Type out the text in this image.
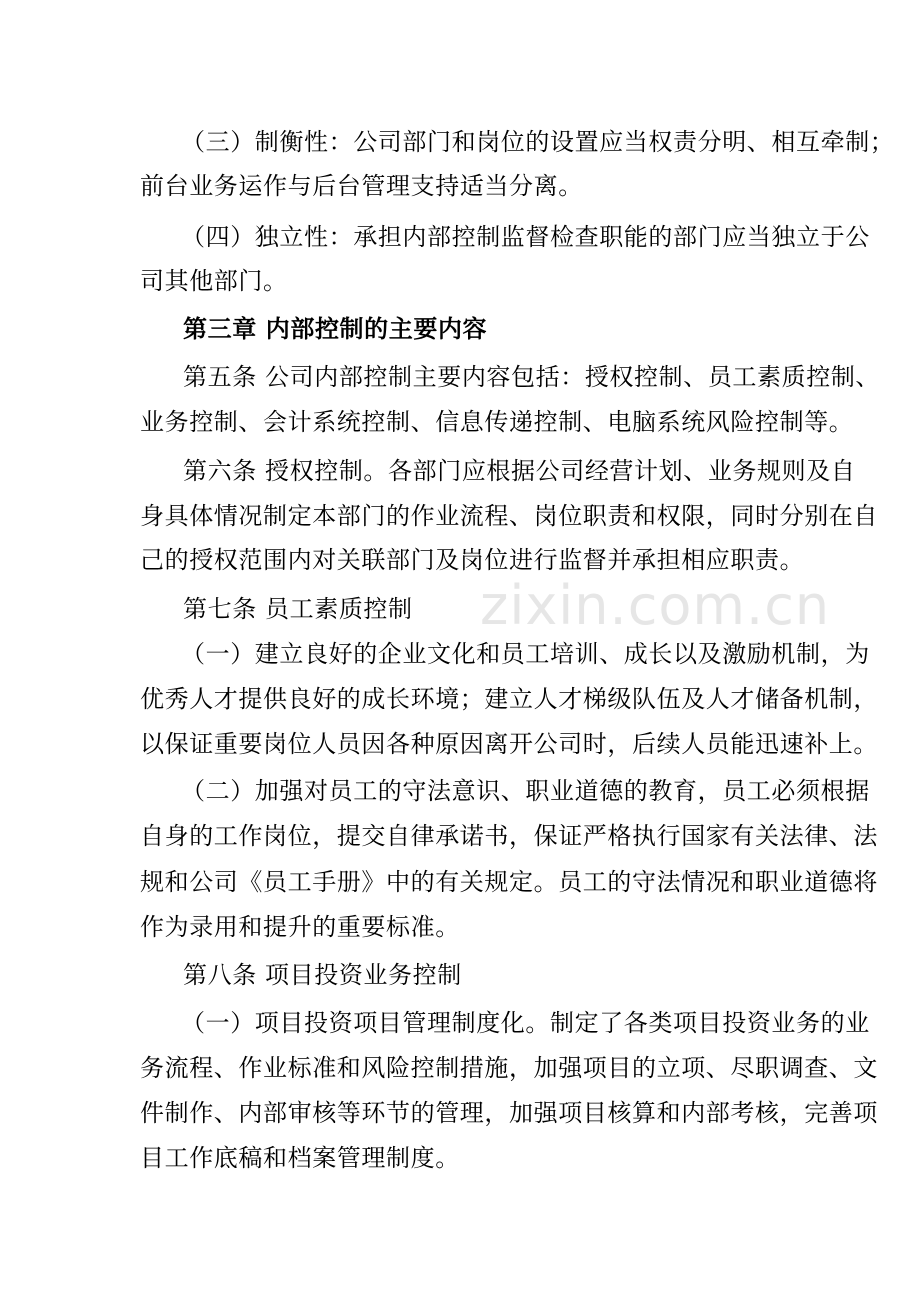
zixin.com.cn
（三）制衡性：公司部门和岗位的设置应当权责分明、相互牵制；
前台业务运作与后台管理支持适当分离。
（四）独立性：承担内部控制监督检查职能的部门应当独立于公
司其他部门。
第三章 内部控制的主要内容
第五条 公司内部控制主要内容包括：授权控制、员工素质控制、
业务控制、会计系统控制、信息传递控制、电脑系统风险控制等。
第六条 授权控制。各部门应根据公司经营计划、业务规则及自
身具体情况制定本部门的作业流程、岗位职责和权限，同时分别在自
己的授权范围内对关联部门及岗位进行监督并承担相应职责。
第七条 员工素质控制
（一）建立良好的企业文化和员工培训、成长以及激励机制，为
优秀人才提供良好的成长环境；建立人才梯级队伍及人才储备机制，
以保证重要岗位人员因各种原因离开公司时，后续人员能迅速补上。
（二）加强对员工的守法意识、职业道德的教育，员工必须根据
自身的工作岗位，提交自律承诺书，保证严格执行国家有关法律、法
规和公司《员工手册》中的有关规定。员工的守法情况和职业道德将
作为录用和提升的重要标准。
第八条 项目投资业务控制
（一）项目投资项目管理制度化。制定了各类项目投资业务的业
务流程、作业标准和风险控制措施，加强项目的立项、尽职调查、文
件制作、内部审核等环节的管理，加强项目核算和内部考核，完善项
目工作底稿和档案管理制度。
